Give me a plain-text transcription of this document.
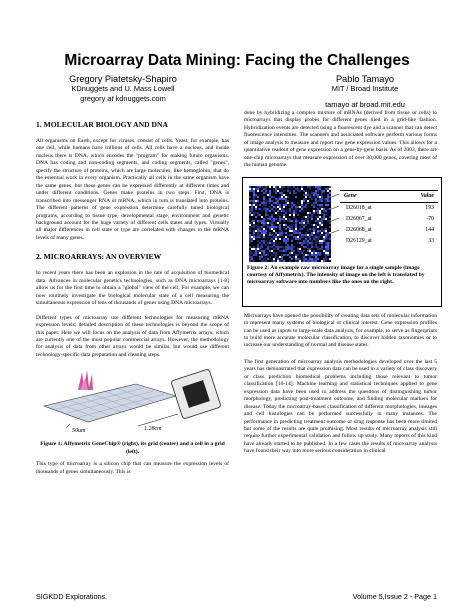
Microarray Data Mining: Facing the Challenges
Gregory Piatetsky-Shapiro
KDnuggets and U. Mass Lowell
gregory at kdnuggets.com
Pablo Tamayo
MIT / Broad Institute
tamayo at broad.mit.edu
1. MOLECULAR BIOLOGY AND DNA
All organisms on Earth, except for viruses, consist of cells. Yeast, for example, has one cell, while humans have trillions of cells. All cells have a nucleus, and inside nucleus there is DNA, which encodes the "program" for making future organisms. DNA has coding and non-coding segments, and coding segments, called "genes", specify the structure of proteins, which are large molecules, like hemoglobin, that do the essential work in every organism. Practically all cells in the same organism have the same genes, but these genes can be expressed differently at different times and under different conditions. Genes make proteins in two steps. First, DNA is transcribed into messenger RNA or mRNA, which in turn is translated into proteins. The different patterns of gene expression determine carefully tuned biological programs, according to tissue type, developmental stage, environment and genetic background account for the huge variety of different cells states and types. Virtually all major differences in cell state or type are correlated with changes in the mRNA levels of many genes.
2. MICROARRAYS: AN OVERVIEW
In recent years there has been an explosion in the rate of acquisition of biomedical data. Advances in molecular genetics technologies, such as DNA microarrays [1-8] allow us for the first time to obtain a "global" view of the cell. For example, we can now routinely investigate the biological molecular state of a cell measuring the simultaneous expression of tens of thousands of genes using DNA microarrays.
Different types of microarray use different technologies for measuring mRNA expression levels; detailed description of these technologies is beyond the scope of this paper. Here we will focus on the analysis of data from Affymetrix arrays, which are currently one of the most popular commercial arrays. However, the methodology for analysis of data from other arrays would be similar, but would use different technology-specific data preparation and cleaning steps.
50um	1.28cm
Figure 1: Affymetrix GeneChip® (right), its grid (center) and a cell in a grid (left).
This type of microarray is a silicon chip that can measure the expression levels of thousands of genes simultaneously. This is
done by hybridizing a complex mixture of mRNAs (derived from tissue or cells) to microarrays that display probes for different genes tiled in a grid-like fashion. Hybridization events are detected using a fluorescent dye and a scanner that can detect fluorescence intensities. The scanners and associated software perform various forms of image analysis to measure and report raw gene expression values. This allows for a quantitative readout of gene expression on a gene-by-gene basis. As of 2003, there are one-chip microarrays that measure expression of over 30,000 genes, covering most of the human genome.
Gene	Value
D26018_at	193
D26067_at	-70
D26068_at	144
D26129_at	33
Figure 2: An example raw microarray image for a single sample (image courtesy of Affymetrix). The intensity of image on the left is translated by microarray software into numbers like the ones on the right.
Microarrays have opened the possibility of creating data sets of molecular information to represent many systems of biological or clinical interest. Gene expression profiles can be used as inputs to large-scale data analysis, for example, to serve as fingerprints to build more accurate molecular classification, to discover hidden taxonomies or to increase our understanding of normal and disease states.
The first generation of microarray analysis methodologies developed over the last 5 years has demonstrated that expression data can be used in a variety of class discovery or class prediction biomedical problems including those relevant to tumor classification [10-14]. Machine learning and statistical techniques applied to gene expression data have been used to address the questions of distinguishing tumor morphology, predicting post-treatment outcome, and finding molecular markers for disease. Today the microarray-based classification of different morphologies, lineages and cell histologies can be performed successfully in many instances. The performance in predicting treatment outcome or drug response has been more limited but some of the results are quite promising. Most results of microarray analysis still require further experimental validation and follow up study. Many reports of this kind have already started to be published. In a few cases the results of microarray analysis have found their way into more serious consideration in clinical
SIGKDD Explorations.	Volume 5,Issue 2 - Page 1
